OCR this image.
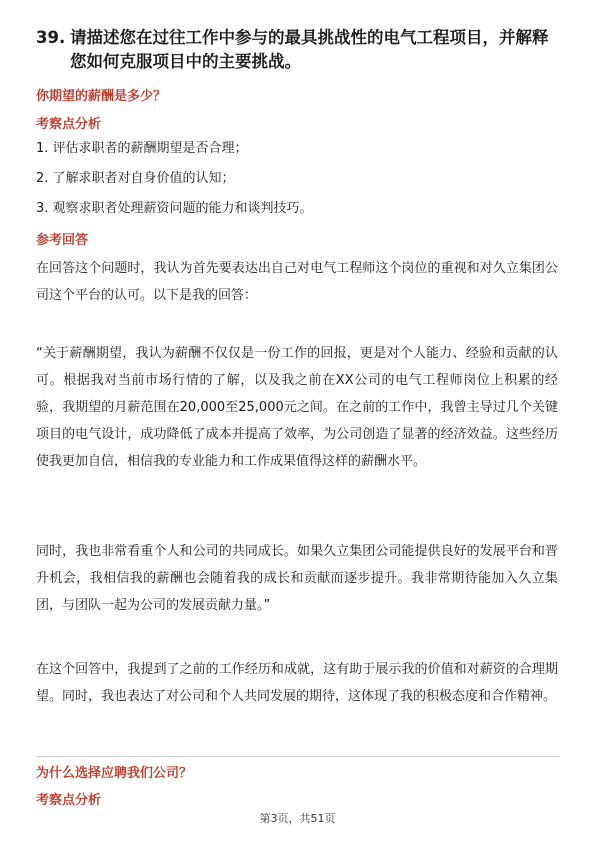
39. 请描述您在过往工作中参与的最具挑战性的电气工程项目，并解释您如何克服项目中的主要挑战。
你期望的薪酬是多少？
考察点分析
1. 评估求职者的薪酬期望是否合理；
2. 了解求职者对自身价值的认知；
3. 观察求职者处理薪资问题的能力和谈判技巧。
参考回答
在回答这个问题时，我认为首先要表达出自己对电气工程师这个岗位的重视和对久立集团公司这个平台的认可。以下是我的回答：
“关于薪酬期望，我认为薪酬不仅仅是一份工作的回报，更是对个人能力、经验和贡献的认可。根据我对当前市场行情的了解，以及我之前在XX公司的电气工程师岗位上积累的经验，我期望的月薪范围在20,000至25,000元之间。在之前的工作中，我曾主导过几个关键项目的电气设计，成功降低了成本并提高了效率，为公司创造了显著的经济效益。这些经历使我更加自信，相信我的专业能力和工作成果值得这样的薪酬水平。
同时，我也非常看重个人和公司的共同成长。如果久立集团公司能提供良好的发展平台和晋升机会，我相信我的薪酬也会随着我的成长和贡献而逐步提升。我非常期待能加入久立集团，与团队一起为公司的发展贡献力量。”
在这个回答中，我提到了之前的工作经历和成就，这有助于展示我的价值和对薪资的合理期望。同时，我也表达了对公司和个人共同发展的期待，这体现了我的积极态度和合作精神。
为什么选择应聘我们公司？
考察点分析
第3页，共51页
